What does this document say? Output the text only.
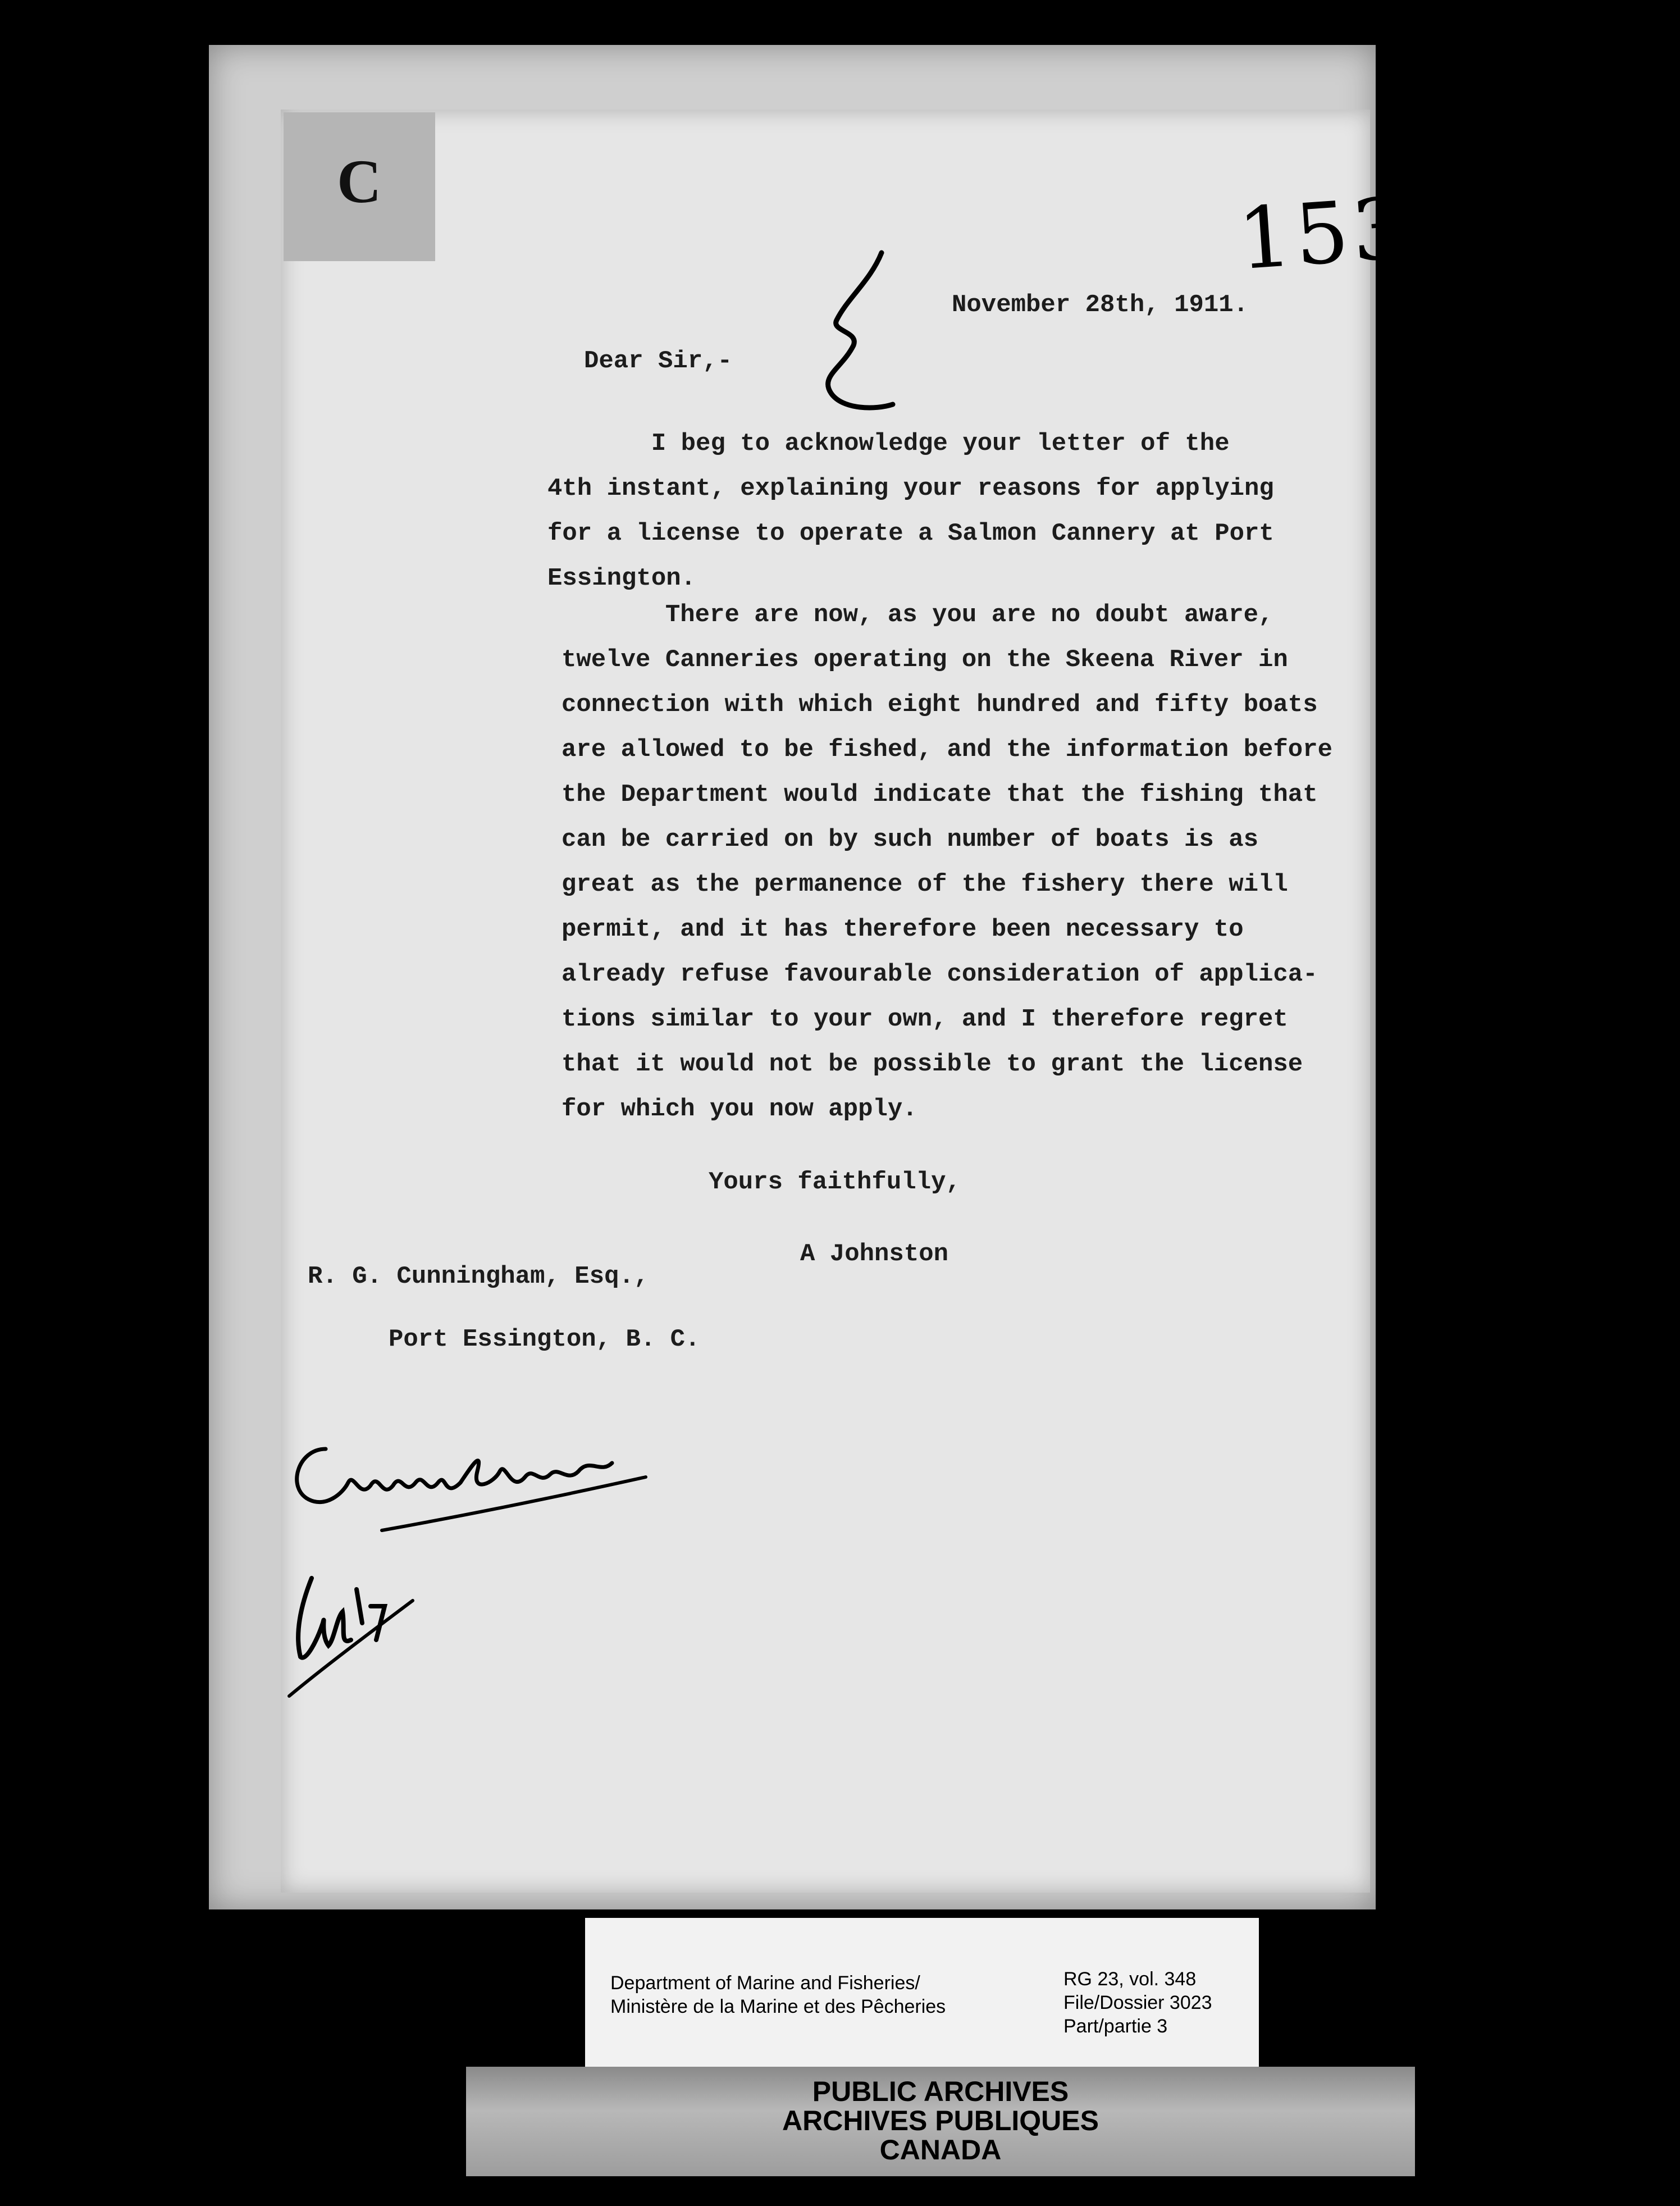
C	153
November 28th, 1911.
Dear Sir,-
I beg to acknowledge your letter of the
4th instant, explaining your reasons for applying
for a license to operate a Salmon Cannery at Port
Essington.
There are now, as you are no doubt aware,
twelve Canneries operating on the Skeena River in
connection with which eight hundred and fifty boats
are allowed to be fished, and the information before
the Department would indicate that the fishing that
can be carried on by such number of boats is as
great as the permanence of the fishery there will
permit, and it has therefore been necessary to
already refuse favourable consideration of applica-
tions similar to your own, and I therefore regret
that it would not be possible to grant the license
for which you now apply.
Yours faithfully,
A Johnston
R. G. Cunningham, Esq.,
Port Essington, B. C.
Department of Marine and Fisheries/
Ministère de la Marine et des Pêcheries
RG 23, vol. 348
File/Dossier 3023
Part/partie 3
PUBLIC ARCHIVES
ARCHIVES PUBLIQUES
CANADA
